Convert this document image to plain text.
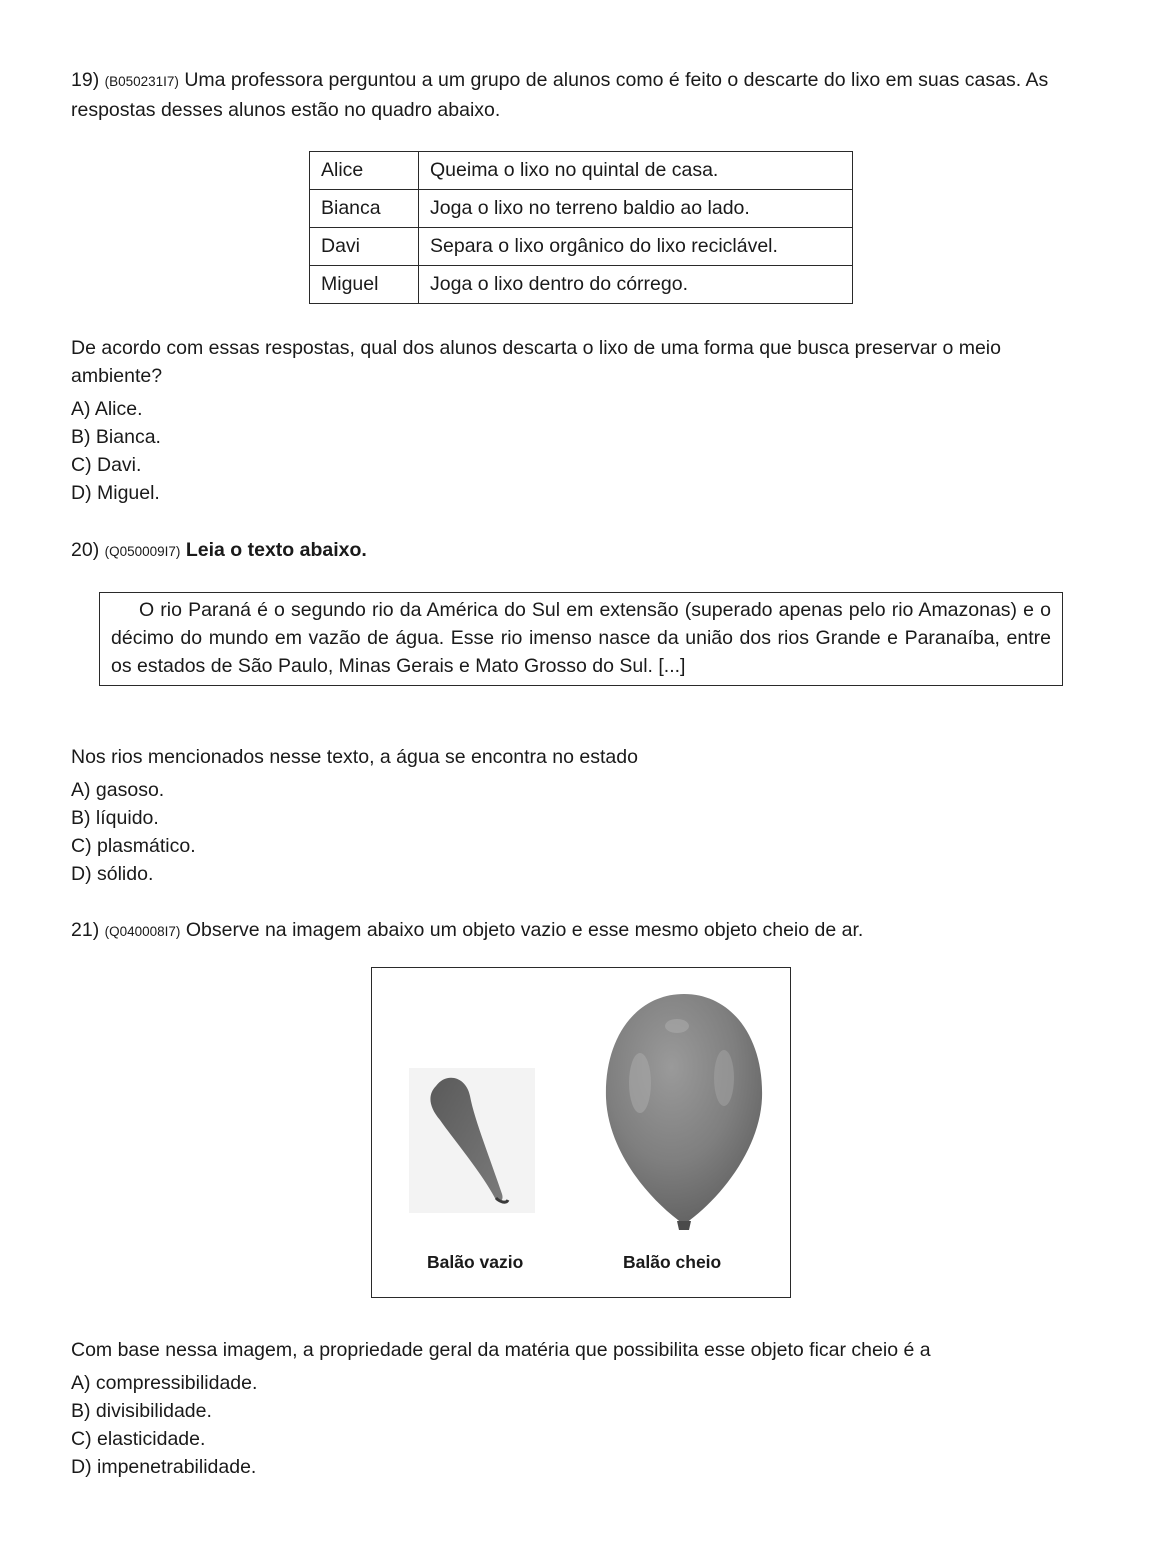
19) (B050231I7) Uma professora perguntou a um grupo de alunos como é feito o descarte do lixo em suas casas. As respostas desses alunos estão no quadro abaixo.
Alice	Queima o lixo no quintal de casa.
Bianca	Joga o lixo no terreno baldio ao lado.
Davi	Separa o lixo orgânico do lixo reciclável.
Miguel	Joga o lixo dentro do córrego.
De acordo com essas respostas, qual dos alunos descarta o lixo de uma forma que busca preservar o meio ambiente?
A) Alice.
B) Bianca.
C) Davi.
D) Miguel.
20) (Q050009I7) Leia o texto abaixo.
O rio Paraná é o segundo rio da América do Sul em extensão (superado apenas pelo rio Amazonas) e o décimo do mundo em vazão de água. Esse rio imenso nasce da união dos rios Grande e Paranaíba, entre os estados de São Paulo, Minas Gerais e Mato Grosso do Sul. [...]
Nos rios mencionados nesse texto, a água se encontra no estado
A) gasoso.
B) líquido.
C) plasmático.
D) sólido.
21) (Q040008I7) Observe na imagem abaixo um objeto vazio e esse mesmo objeto cheio de ar.
Balão vazio	Balão cheio
Com base nessa imagem, a propriedade geral da matéria que possibilita esse objeto ficar cheio é a
A) compressibilidade.
B) divisibilidade.
C) elasticidade.
D) impenetrabilidade.
